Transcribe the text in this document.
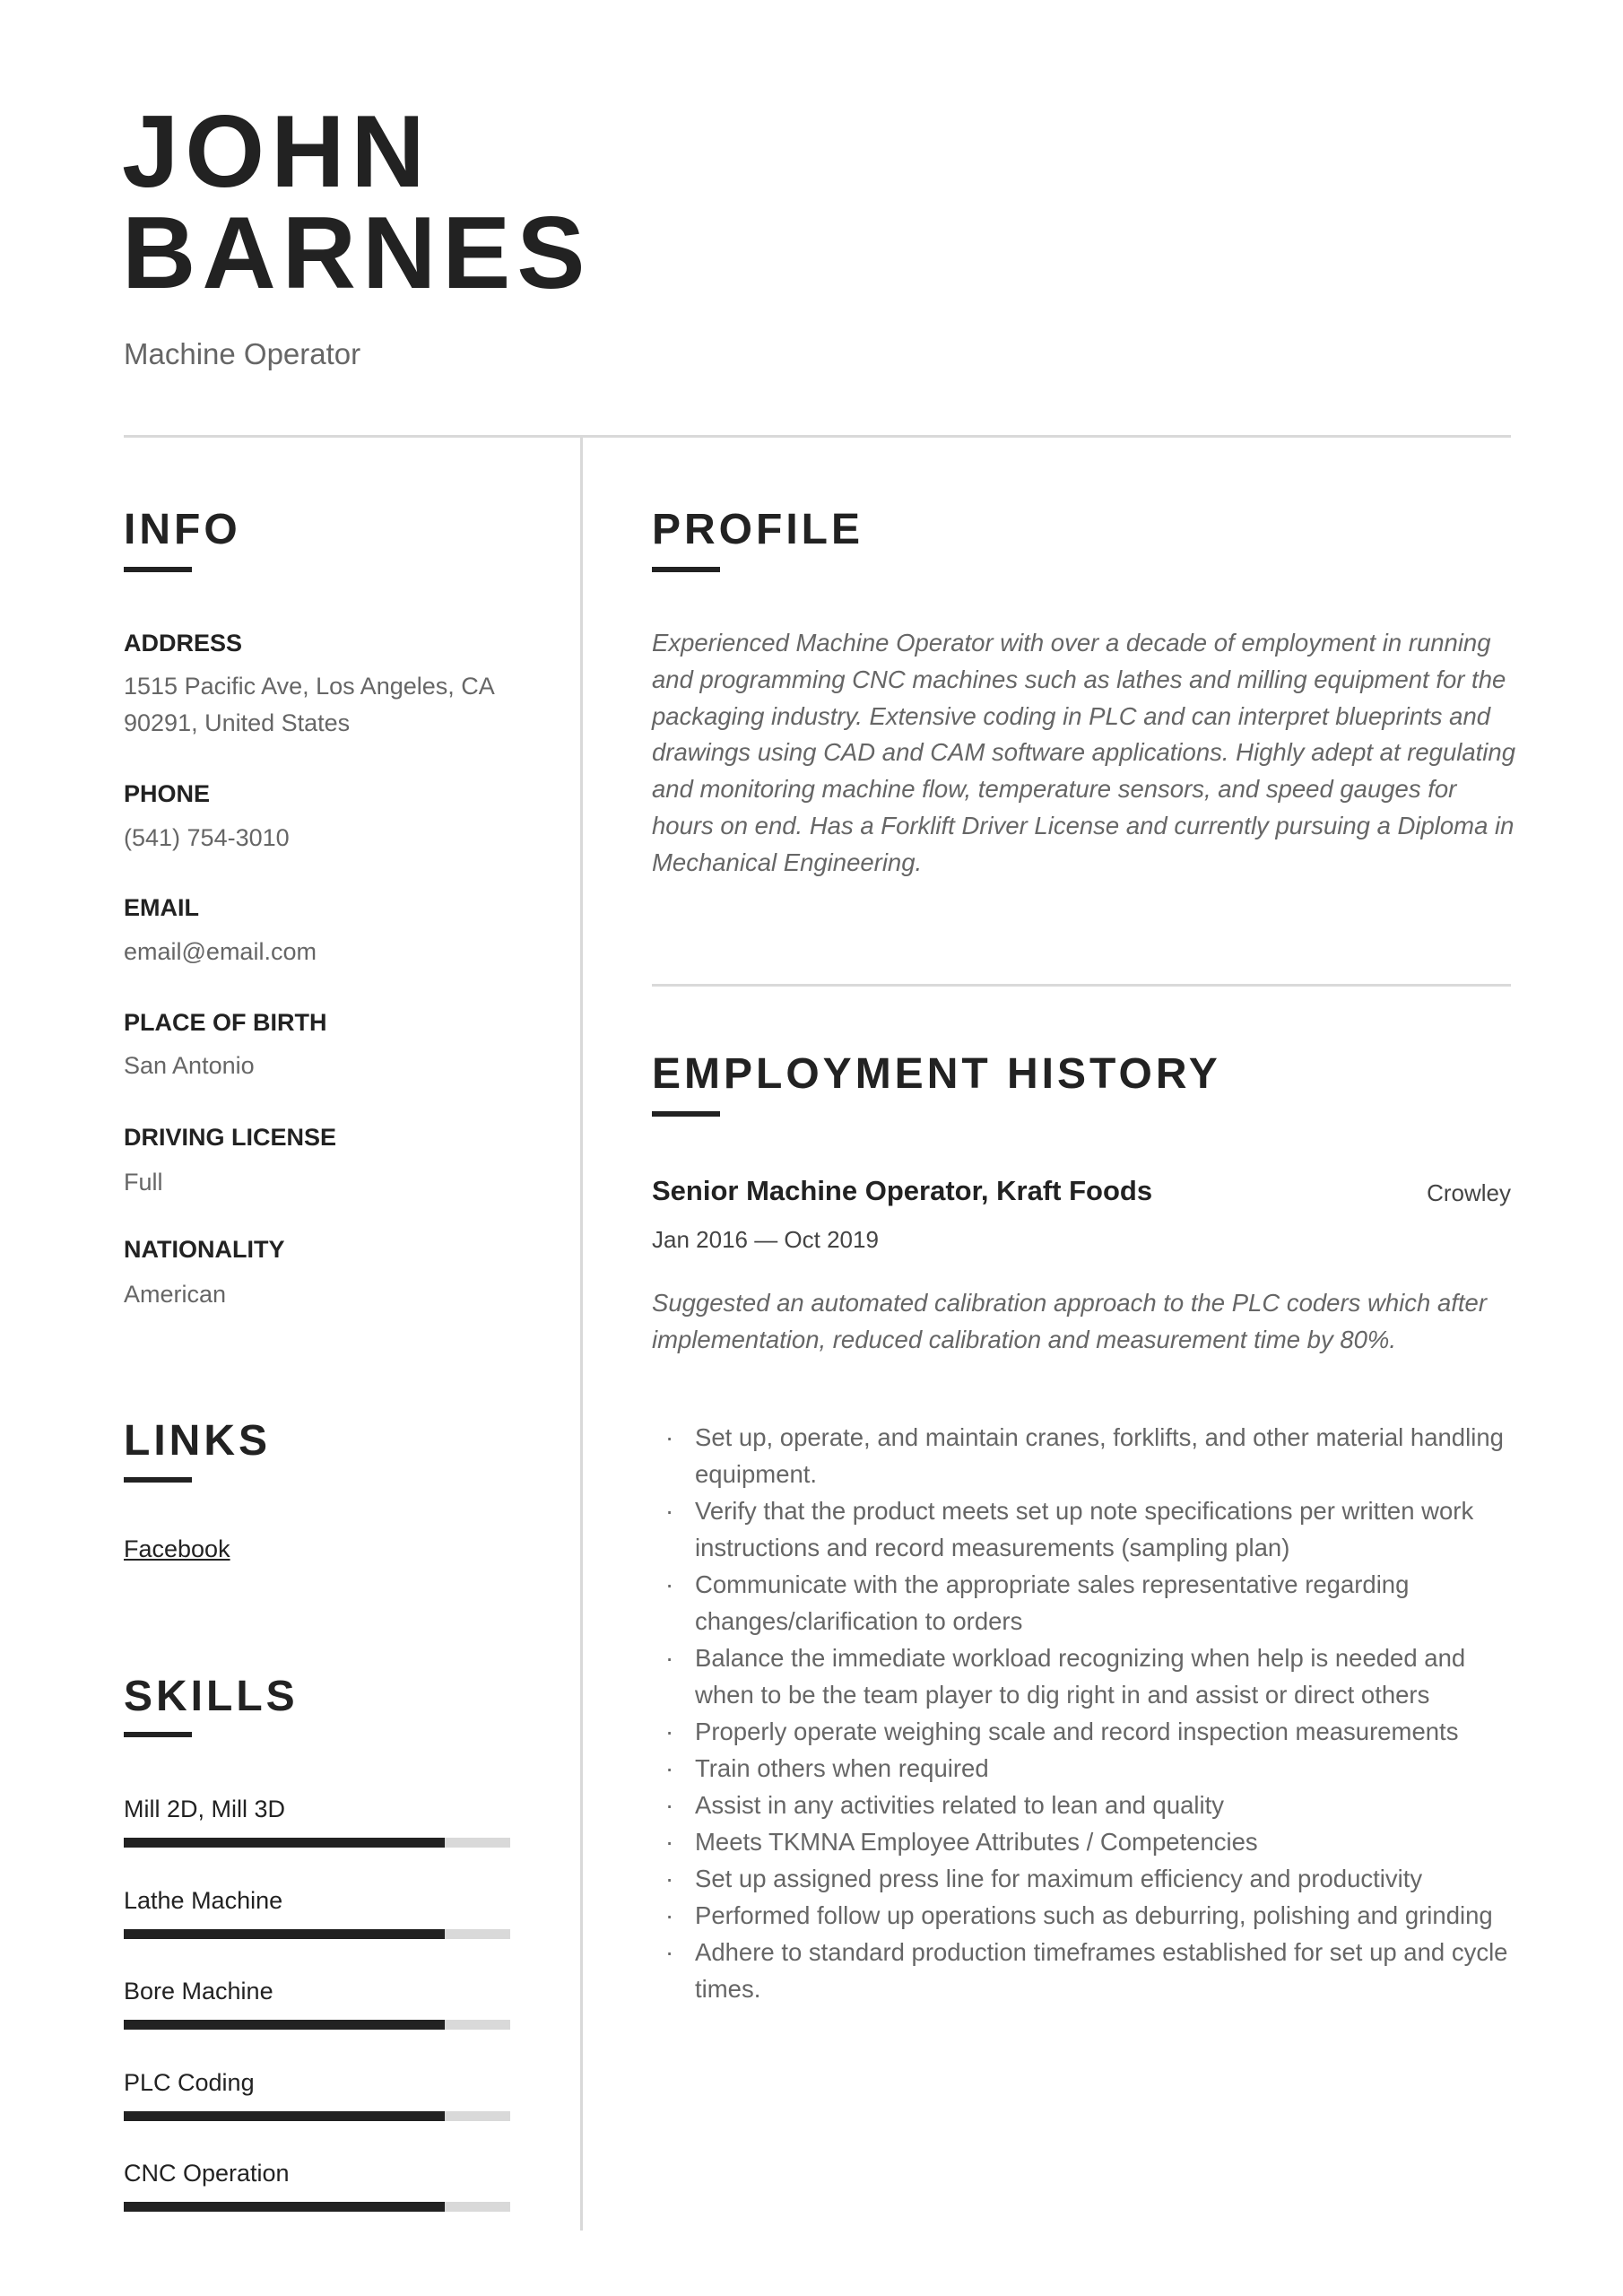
JOHN
BARNES
Machine Operator
INFO
ADDRESS
1515 Pacific Ave, Los Angeles, CA
90291, United States
PHONE
(541) 754-3010
EMAIL
email@email.com
PLACE OF BIRTH
San Antonio
DRIVING LICENSE
Full
NATIONALITY
American
LINKS
Facebook
SKILLS
Mill 2D, Mill 3D
Lathe Machine
Bore Machine
PLC Coding
CNC Operation
PROFILE
Experienced Machine Operator with over a decade of employment in running and programming CNC machines such as lathes and milling equipment for the packaging industry. Extensive coding in PLC and can interpret blueprints and drawings using CAD and CAM software applications. Highly adept at regulating and monitoring machine flow, temperature sensors, and speed gauges for hours on end. Has a Forklift Driver License and currently pursuing a Diploma in Mechanical Engineering.
EMPLOYMENT HISTORY
Senior Machine Operator, Kraft Foods	Crowley
Jan 2016 — Oct 2019
Suggested an automated calibration approach to the PLC coders which after implementation, reduced calibration and measurement time by 80%.
· Set up, operate, and maintain cranes, forklifts, and other material handling equipment.
· Verify that the product meets set up note specifications per written work instructions and record measurements (sampling plan)
· Communicate with the appropriate sales representative regarding changes/clarification to orders
· Balance the immediate workload recognizing when help is needed and when to be the team player to dig right in and assist or direct others
· Properly operate weighing scale and record inspection measurements
· Train others when required
· Assist in any activities related to lean and quality
· Meets TKMNA Employee Attributes / Competencies
· Set up assigned press line for maximum efficiency and productivity
· Performed follow up operations such as deburring, polishing and grinding
· Adhere to standard production timeframes established for set up and cycle times.
